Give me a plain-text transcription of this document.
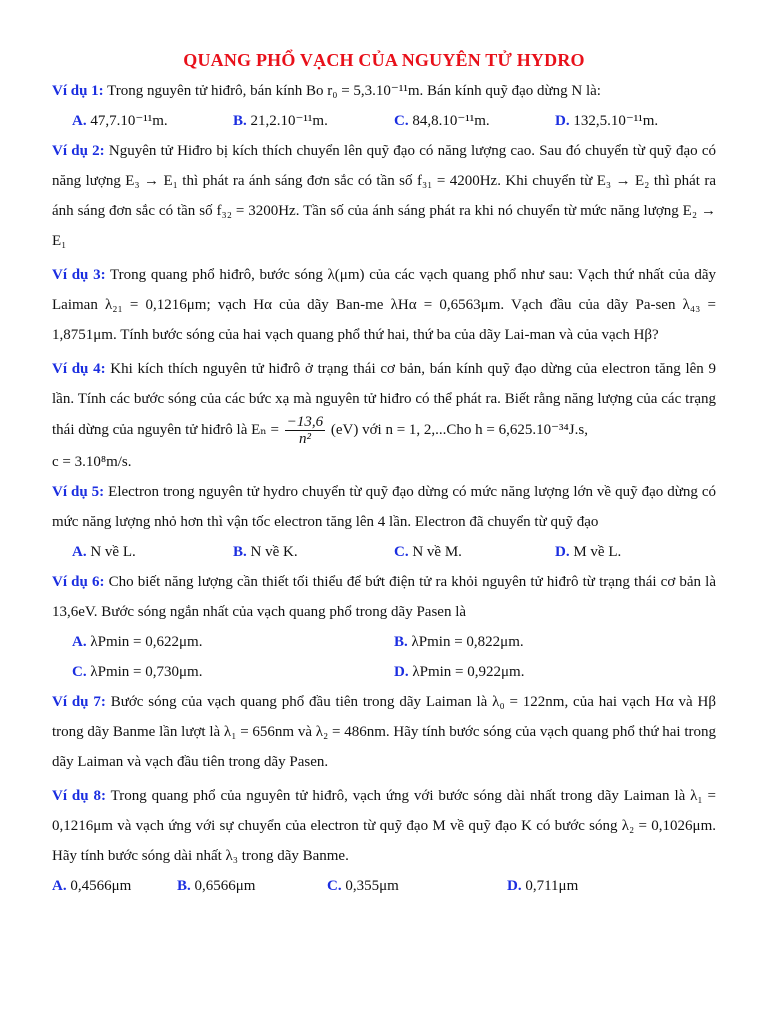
QUANG PHỔ VẠCH CỦA NGUYÊN TỬ HYDRO

Ví dụ 1: Trong nguyên tử hiđrô, bán kính Bo r₀ = 5,3.10⁻¹¹m. Bán kính quỹ đạo dừng N là:

A. 47,7.10⁻¹¹m.	B. 21,2.10⁻¹¹m.	C. 84,8.10⁻¹¹m.	D. 132,5.10⁻¹¹m.

Ví dụ 2: Nguyên tử Hiđro bị kích thích chuyển lên quỹ đạo có năng lượng cao. Sau đó chuyển từ quỹ đạo có năng lượng E₃ → E₁ thì phát ra ánh sáng đơn sắc có tần số f₃₁ = 4200Hz. Khi chuyển từ E₃ → E₂ thì phát ra ánh sáng đơn sắc có tần số f₃₂ = 3200Hz. Tần số của ánh sáng phát ra khi nó chuyển từ mức năng lượng E₂ → E₁

Ví dụ 3: Trong quang phổ hiđrô, bước sóng λ(μm) của các vạch quang phổ như sau: Vạch thứ nhất của dãy Laiman λ₂₁ = 0,1216μm; vạch Hα của dãy Ban-me λHα = 0,6563μm. Vạch đầu của dãy Pa-sen λ₄₃ = 1,8751μm. Tính bước sóng của hai vạch quang phổ thứ hai, thứ ba của dãy Lai-man và của vạch Hβ?

Ví dụ 4: Khi kích thích nguyên tử hiđrô ở trạng thái cơ bản, bán kính quỹ đạo dừng của electron tăng lên 9 lần. Tính các bước sóng của các bức xạ mà nguyên tử hiđro có thể phát ra. Biết rằng năng lượng của các trạng thái dừng của nguyên tử hiđrô là $E_n = \frac{-13,6}{\text{n²}} (eV)$ với n = 1, 2,...Cho h = 6,625.10⁻³⁴J.s,

c = 3.10⁸m/s.

Ví dụ 5: Electron trong nguyên tử hydro chuyển từ quỹ đạo dừng có mức năng lượng lớn về quỹ đạo dừng có mức năng lượng nhỏ hơn thì vận tốc electron tăng lên 4 lần. Electron đã chuyển từ quỹ đạo

A. N về L.	B. N về K.	C. N về M.	D. M về L.

Ví dụ 6: Cho biết năng lượng cần thiết tối thiểu để bứt điện tử ra khỏi nguyên tử hiđrô từ trạng thái cơ bản là 13,6eV. Bước sóng ngắn nhất của vạch quang phổ trong dãy Pasen là

A. λPmin = 0,622μm.	B. λPmin = 0,822μm.
C. λPmin = 0,730μm.	D. λPmin = 0,922μm.

Ví dụ 7: Bước sóng của vạch quang phổ đầu tiên trong dãy Laiman là λ₀ = 122nm, của hai vạch Hα và Hβ trong dãy Banme lần lượt là λ₁ = 656nm và λ₂ = 486nm. Hãy tính bước sóng của vạch quang phổ thứ hai trong dãy Laiman và vạch đầu tiên trong dãy Pasen.

Ví dụ 8: Trong quang phổ của nguyên tử hiđrô, vạch ứng với bước sóng dài nhất trong dãy Laiman là λ₁ = 0,1216μm và vạch ứng với sự chuyển của electron từ quỹ đạo M về quỹ đạo K có bước sóng λ₂ = 0,1026μm. Hãy tính bước sóng dài nhất λ₃ trong dãy Banme.

A. 0,4566μm	B. 0,6566μm	C. 0,355μm	D. 0,711μm
